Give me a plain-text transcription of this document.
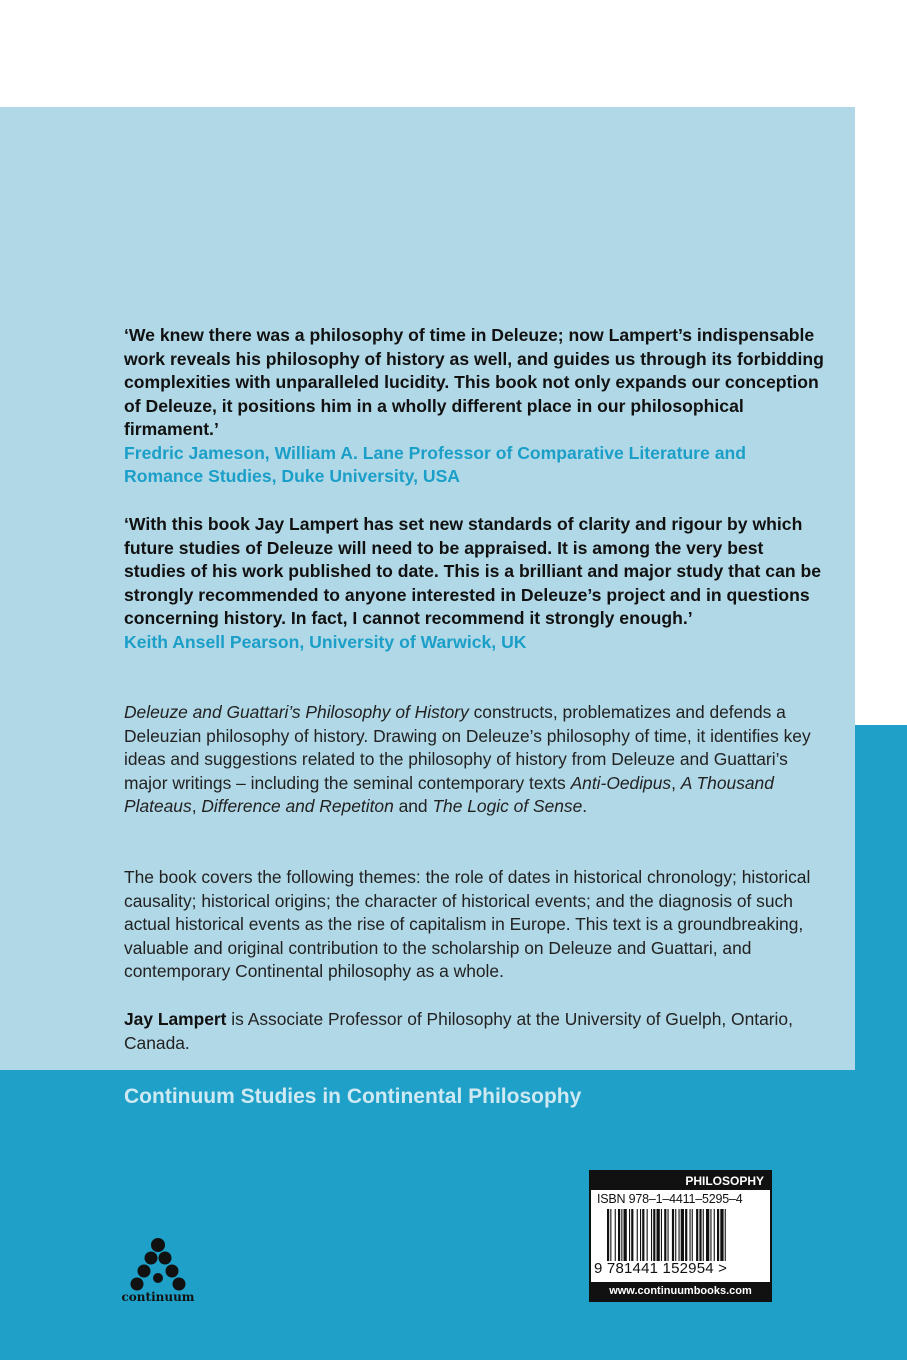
‘We knew there was a philosophy of time in Deleuze; now Lampert’s indispensable work reveals his philosophy of history as well, and guides us through its forbidding complexities with unparalleled lucidity. This book not only expands our conception of Deleuze, it positions him in a wholly different place in our philosophical firmament.’
Fredric Jameson, William A. Lane Professor of Comparative Literature and Romance Studies, Duke University, USA
‘With this book Jay Lampert has set new standards of clarity and rigour by which future studies of Deleuze will need to be appraised. It is among the very best studies of his work published to date. This is a brilliant and major study that can be strongly recommended to anyone interested in Deleuze’s project and in questions concerning history. In fact, I cannot recommend it strongly enough.’
Keith Ansell Pearson, University of Warwick, UK
Deleuze and Guattari’s Philosophy of History constructs, problematizes and defends a Deleuzian philosophy of history. Drawing on Deleuze’s philosophy of time, it identifies key ideas and suggestions related to the philosophy of history from Deleuze and Guattari’s major writings – including the seminal contemporary texts Anti-Oedipus, A Thousand Plateaus, Difference and Repetiton and The Logic of Sense.
The book covers the following themes: the role of dates in historical chronology; historical causality; historical origins; the character of historical events; and the diagnosis of such actual historical events as the rise of capitalism in Europe. This text is a groundbreaking, valuable and original contribution to the scholarship on Deleuze and Guattari, and contemporary Continental philosophy as a whole.
Jay Lampert is Associate Professor of Philosophy at the University of Guelph, Ontario, Canada.
Continuum Studies in Continental Philosophy
continuum
PHILOSOPHY
ISBN 978–1–4411–5295–4
9 781441 152954 >
www.continuumbooks.com
